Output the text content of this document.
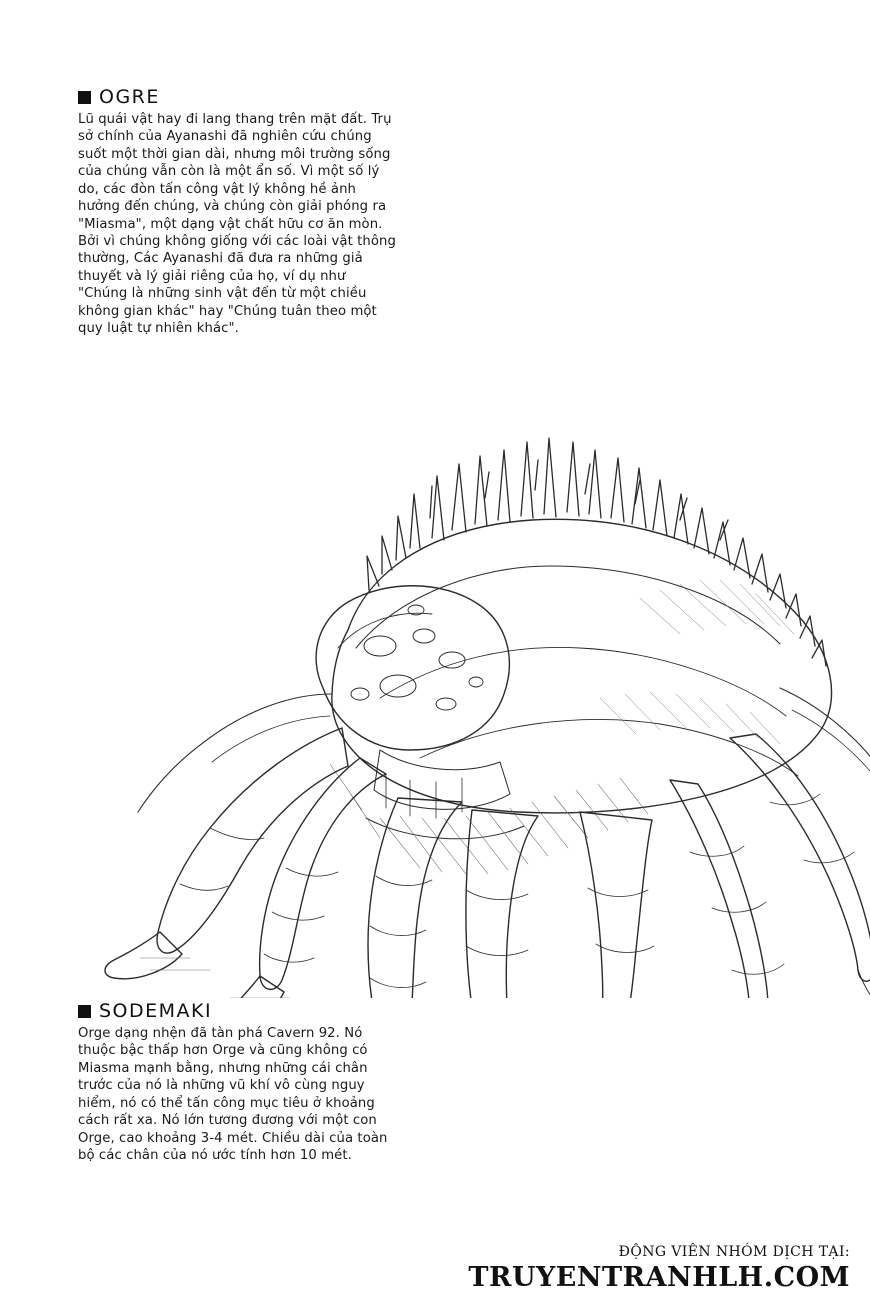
OGRE

Lũ quái vật hay đi lang thang trên mặt đất. Trụ sở chính của Ayanashi đã nghiên cứu chúng suốt một thời gian dài, nhưng môi trường sống của chúng vẫn còn là một ẩn số. Vì một số lý do, các đòn tấn công vật lý không hề ảnh hưởng đến chúng, và chúng còn giải phóng ra "Miasma", một dạng vật chất hữu cơ ăn mòn. Bởi vì chúng không giống với các loài vật thông thường, Các Ayanashi đã đưa ra những giả thuyết và lý giải riêng của họ, ví dụ như "Chúng là những sinh vật đến từ một chiều không gian khác" hay "Chúng tuân theo một quy luật tự nhiên khác".

SODEMAKI

Orge dạng nhện đã tàn phá Cavern 92. Nó thuộc bậc thấp hơn Orge và cũng không có Miasma mạnh bằng, nhưng những cái chân trước của nó là những vũ khí vô cùng nguy hiểm, nó có thể tấn công mục tiêu ở khoảng cách rất xa. Nó lớn tương đương với một con Orge, cao khoảng 3-4 mét. Chiều dài của toàn bộ các chân của nó ước tính hơn 10 mét.

ĐỘNG VIÊN NHÓM DỊCH TẠI:

TRUYENTRANHLH.COM
